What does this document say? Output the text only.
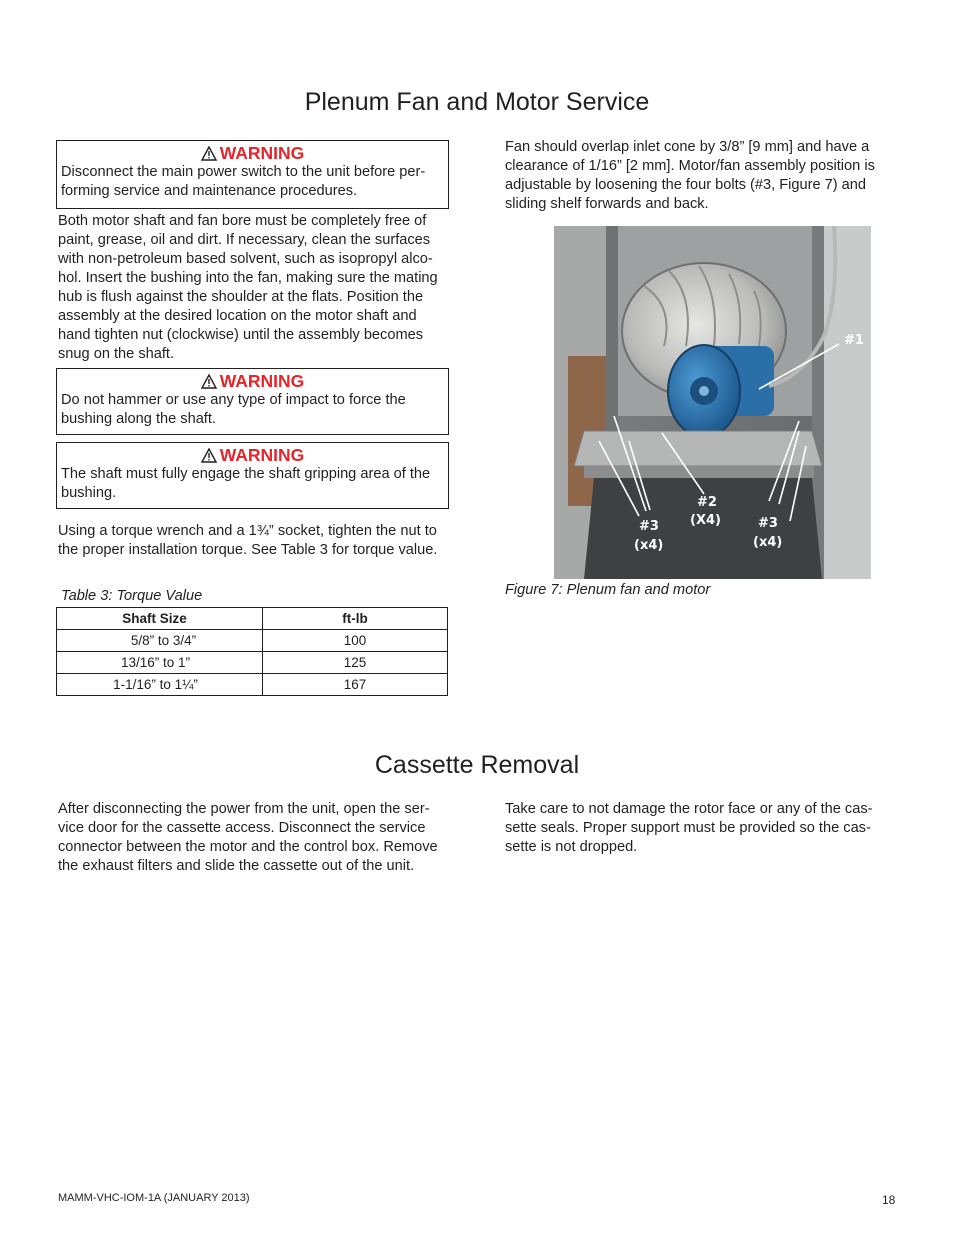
Plenum Fan and Motor Service
WARNING
Disconnect the main power switch to the unit before performing service and maintenance procedures.
Both motor shaft and fan bore must be completely free of paint, grease, oil and dirt. If necessary, clean the surfaces with non-petroleum based solvent, such as isopropyl alcohol. Insert the bushing into the fan, making sure the mating hub is flush against the shoulder at the flats. Position the assembly at the desired location on the motor shaft and hand tighten nut (clockwise) until the assembly becomes snug on the shaft.
WARNING
Do not hammer or use any type of impact to force the bushing along the shaft.
WARNING
The shaft must fully engage the shaft gripping area of the bushing.
Using a torque wrench and a 1¾” socket, tighten the nut to the proper installation torque. See Table 3 for torque value.
Table 3: Torque Value
Shaft Size	ft-lb
5/8” to 3/4”	100
13/16” to 1”	125
1-1/16” to 1¼”	167
Fan should overlap inlet cone by 3/8” [9 mm] and have a clearance of 1/16” [2 mm]. Motor/fan assembly position is adjustable by loosening the four bolts (#3, Figure 7) and sliding shelf forwards and back.
#1
#2
(X4)
#3
(x4)
#3
(x4)
Figure 7: Plenum fan and motor
Cassette Removal
After disconnecting the power from the unit, open the service door for the cassette access. Disconnect the service connector between the motor and the control box. Remove the exhaust filters and slide the cassette out of the unit.
Take care to not damage the rotor face or any of the cassette seals. Proper support must be provided so the cassette is not dropped.
MAMM-VHC-IOM-1A (JANUARY 2013)	18
